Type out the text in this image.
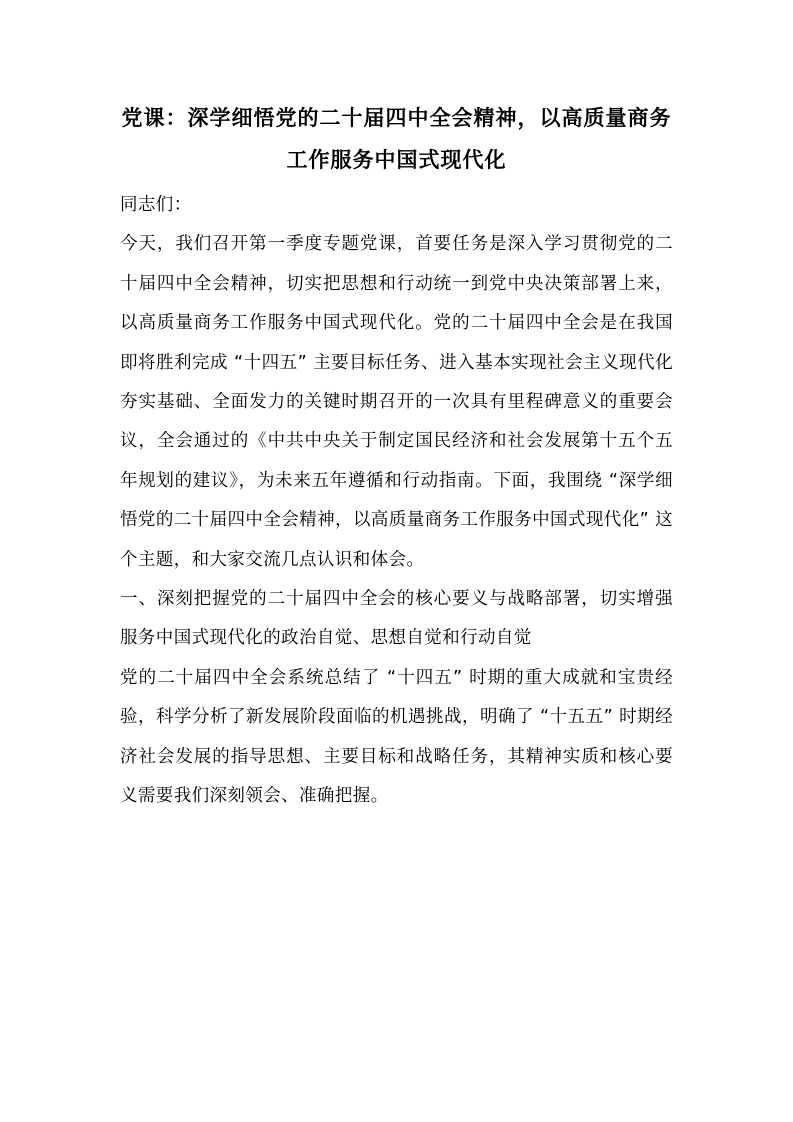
党课：深学细悟党的二十届四中全会精神，以高质量商务工作服务中国式现代化

同志们：

今天，我们召开第一季度专题党课，首要任务是深入学习贯彻党的二十届四中全会精神，切实把思想和行动统一到党中央决策部署上来，以高质量商务工作服务中国式现代化。党的二十届四中全会是在我国即将胜利完成 “十四五” 主要目标任务、进入基本实现社会主义现代化夯实基础、全面发力的关键时期召开的一次具有里程碑意义的重要会议，全会通过的《中共中央关于制定国民经济和社会发展第十五个五年规划的建议》，为未来五年遵循和行动指南。下面，我围绕 “深学细悟党的二十届四中全会精神，以高质量商务工作服务中国式现代化” 这个主题，和大家交流几点认识和体会。

一、深刻把握党的二十届四中全会的核心要义与战略部署，切实增强服务中国式现代化的政治自觉、思想自觉和行动自觉

党的二十届四中全会系统总结了 “十四五” 时期的重大成就和宝贵经验，科学分析了新发展阶段面临的机遇挑战，明确了 “十五五” 时期经济社会发展的指导思想、主要目标和战略任务，其精神实质和核心要义需要我们深刻领会、准确把握。
